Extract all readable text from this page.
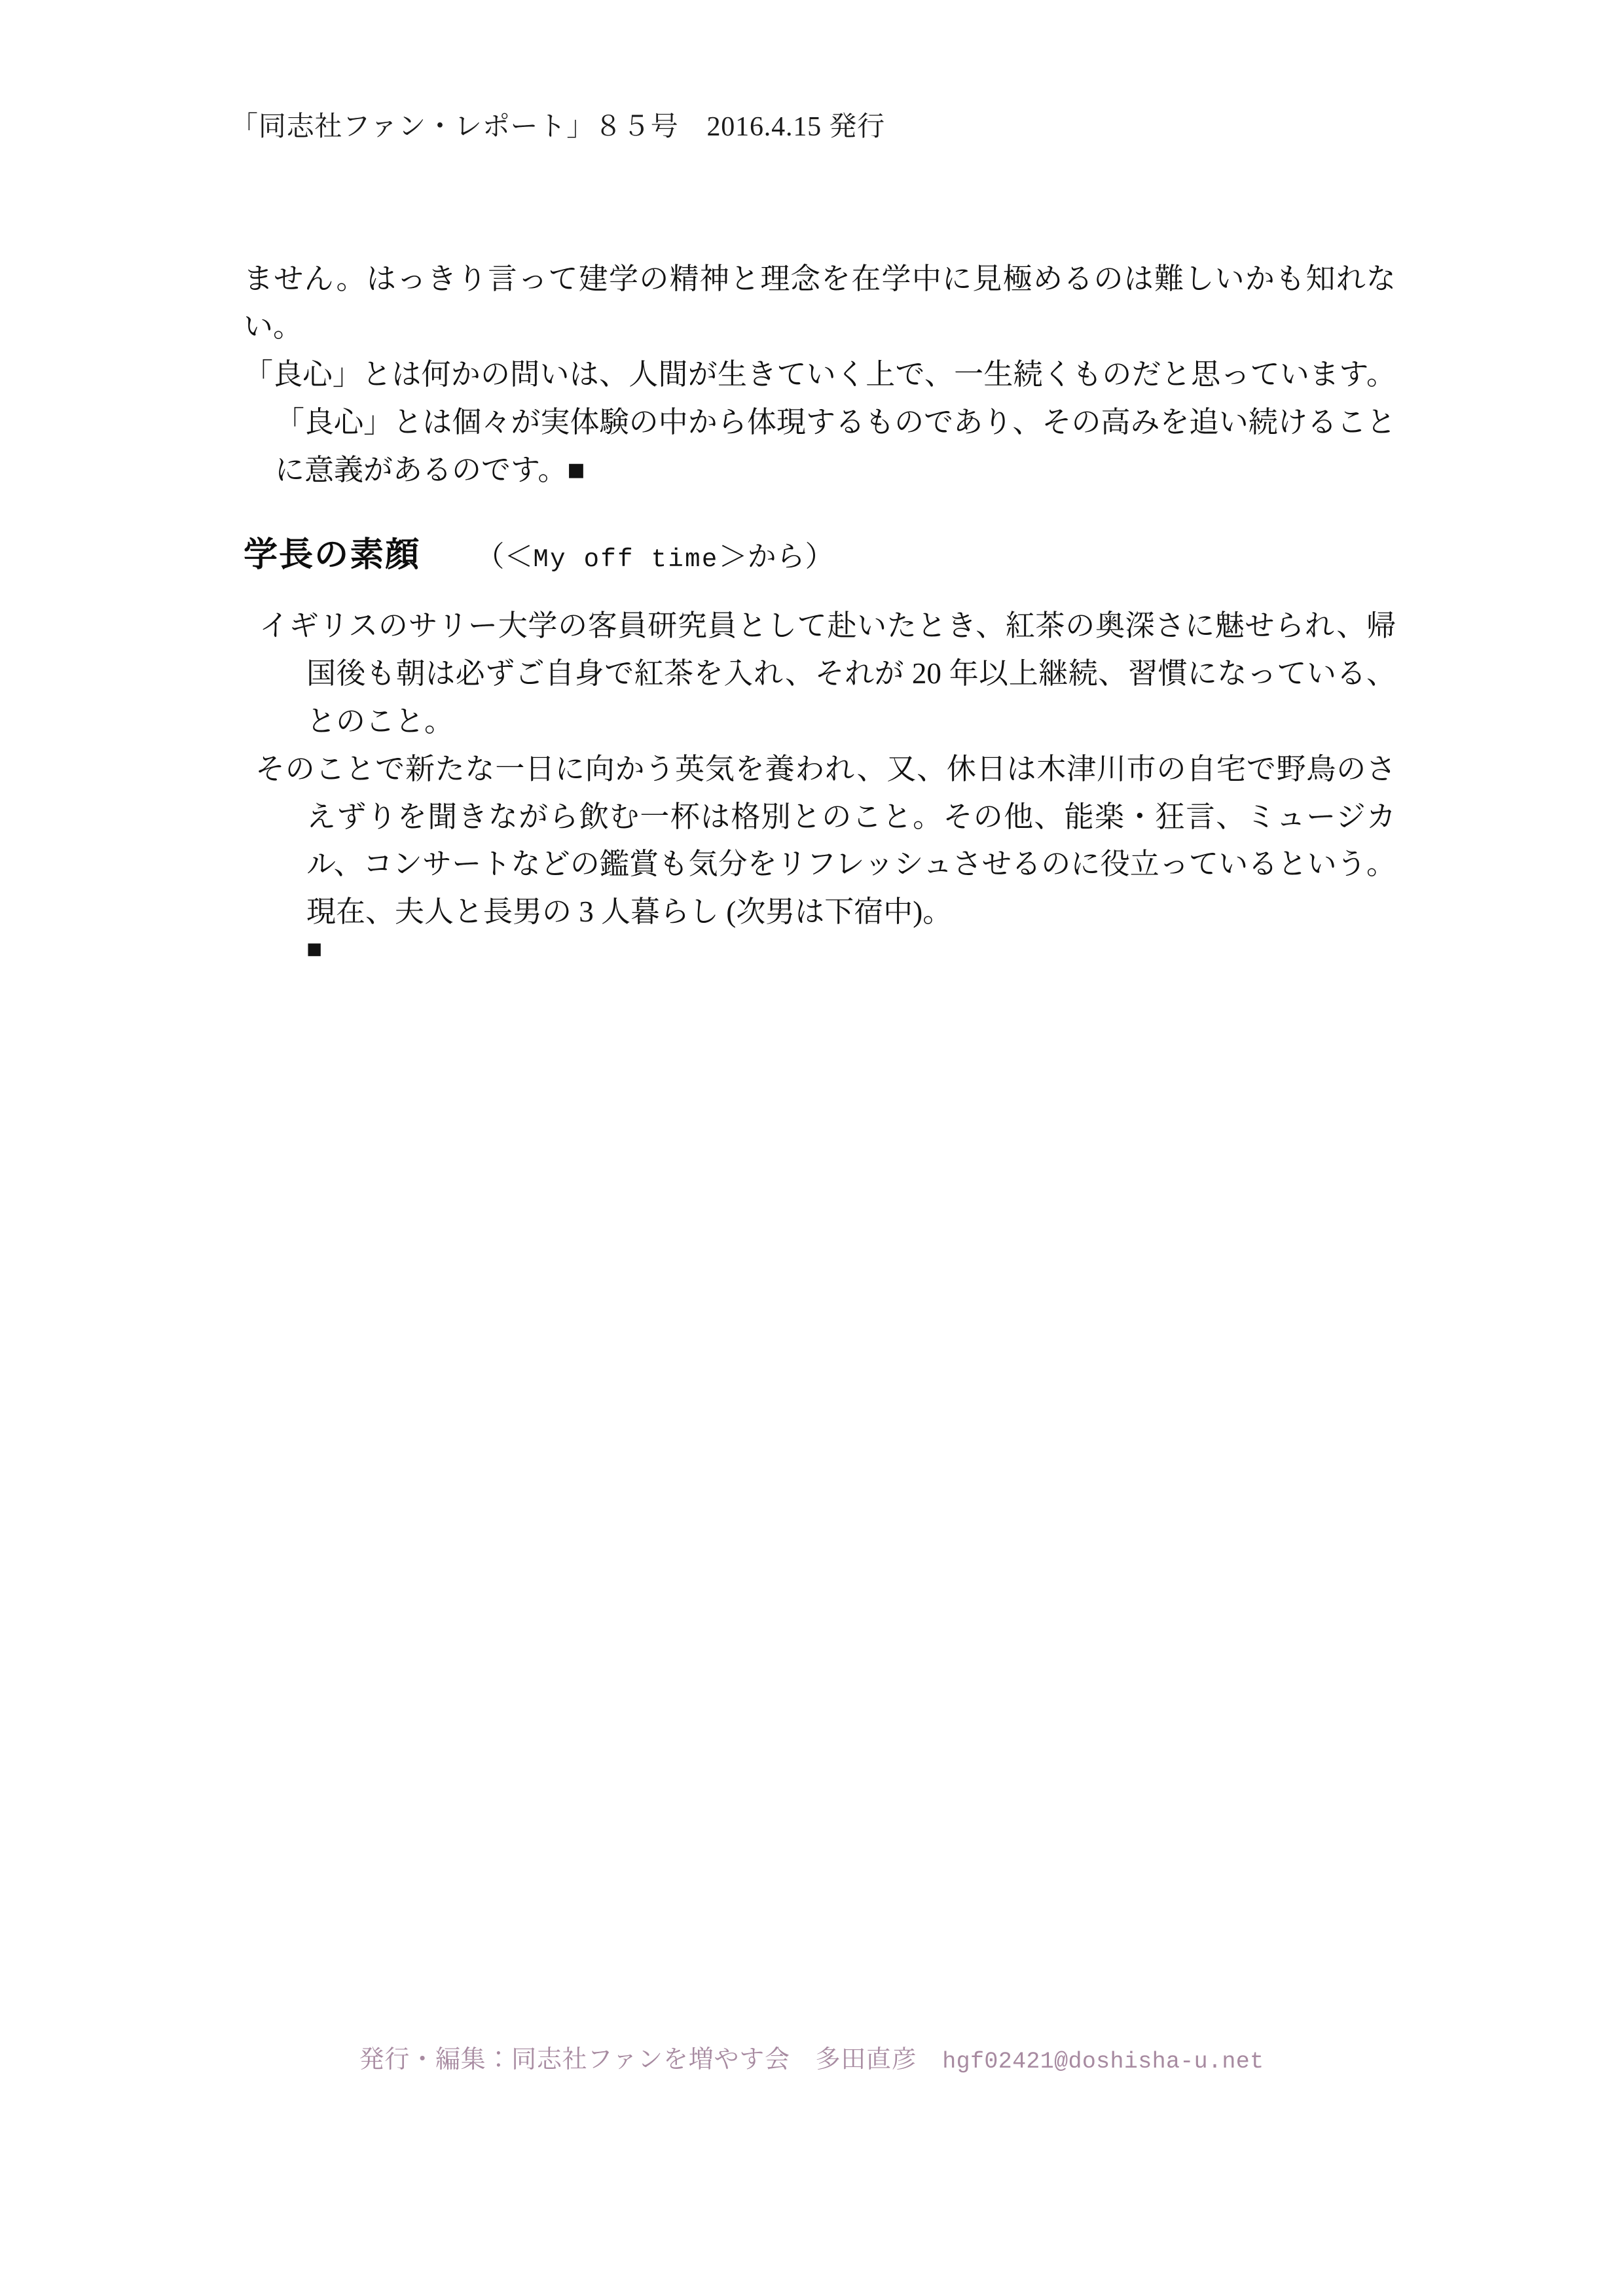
「同志社ファン・レポート」８５号　2016.4.15 発行

ません。はっきり言って建学の精神と理念を在学中に見極めるのは難しいかも知れない。

「良心」とは何かの問いは、人間が生きていく上で、一生続くものだと思っています。「良心」とは個々が実体験の中から体現するものであり、その高みを追い続けることに意義があるのです。■

学長の素顔 （＜My off time＞から）

イギリスのサリー大学の客員研究員として赴いたとき、紅茶の奥深さに魅せられ、帰国後も朝は必ずご自身で紅茶を入れ、それが 20 年以上継続、習慣になっている、とのこと。

そのことで新たな一日に向かう英気を養われ、又、休日は木津川市の自宅で野鳥のさえずりを聞きながら飲む一杯は格別とのこと。その他、能楽・狂言、ミュージカル、コンサートなどの鑑賞も気分をリフレッシュさせるのに役立っているという。現在、夫人と長男の 3 人暮らし (次男は下宿中)。

■

発行・編集：同志社ファンを増やす会　多田直彦　hgf02421@doshisha-u.net
